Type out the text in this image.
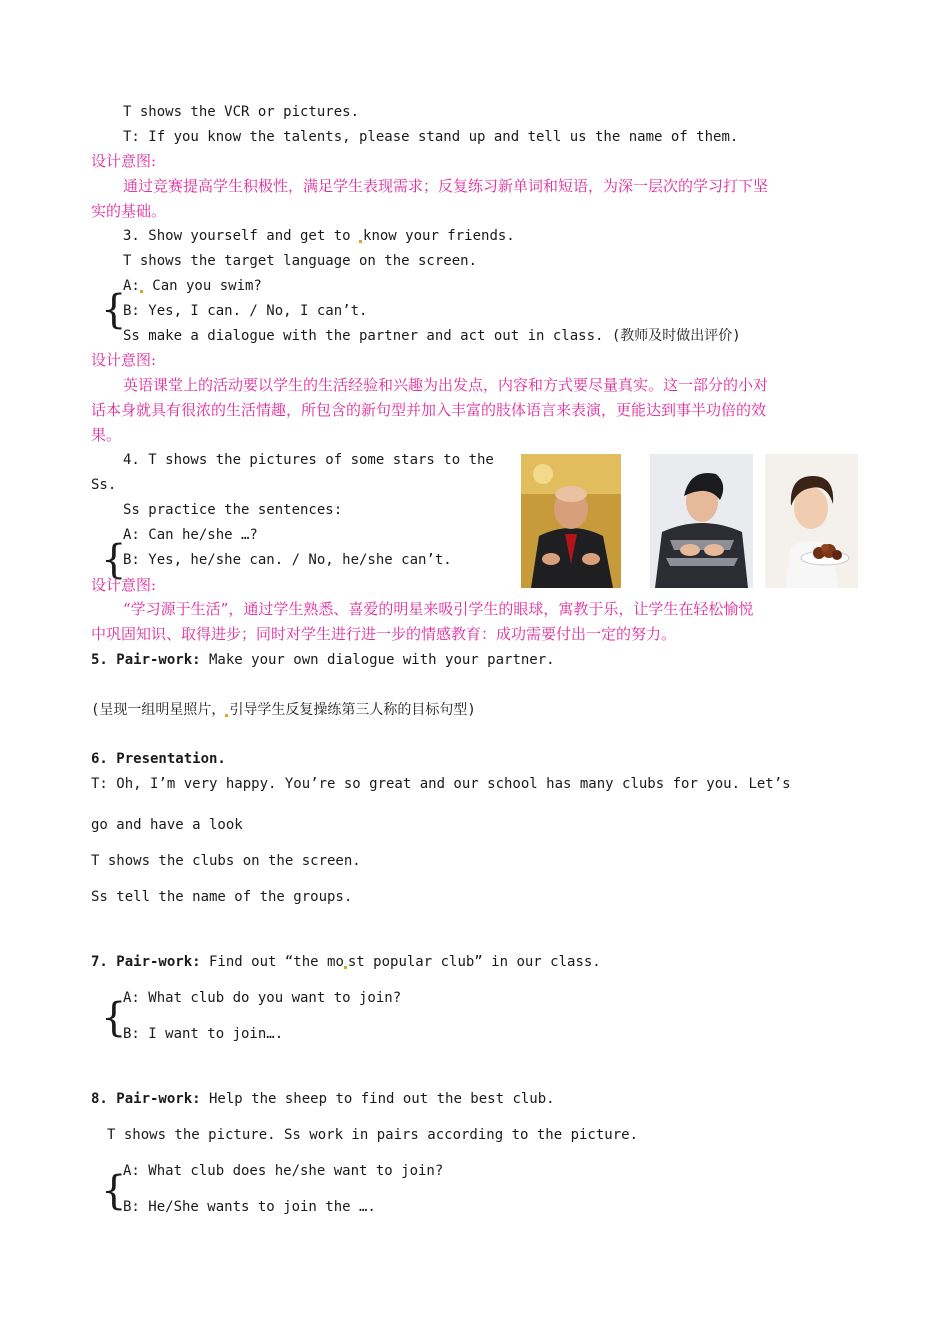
T shows the VCR or pictures.
T: If you know the talents, please stand up and tell us the name of them.
设计意图:
通过竞赛提高学生积极性，满足学生表现需求；反复练习新单词和短语，为深一层次的学习打下坚
实的基础。
3. Show yourself and get to know your friends.
T shows the target language on the screen.
{
A: Can you swim?
B: Yes, I can. / No, I can’t.
Ss make a dialogue with the partner and act out in class. (教师及时做出评价)
设计意图:
英语课堂上的活动要以学生的生活经验和兴趣为出发点，内容和方式要尽量真实。这一部分的小对
话本身就具有很浓的生活情趣，所包含的新句型并加入丰富的肢体语言来表演，更能达到事半功倍的效
果。
4. T shows the pictures of some stars to the
Ss.
Ss practice the sentences:
{
A: Can he/she …?
B: Yes, he/she can. / No, he/she can’t.
设计意图:
“学习源于生活”，通过学生熟悉、喜爱的明星来吸引学生的眼球，寓教于乐，让学生在轻松愉悦
中巩固知识、取得进步；同时对学生进行进一步的情感教育：成功需要付出一定的努力。
5. Pair-work: Make your own dialogue with your partner.
(呈现一组明星照片， 引导学生反复操练第三人称的目标句型)
6. Presentation.
T: Oh, I’m very happy. You’re so great and our school has many clubs for you. Let’s
go and have a look
T shows the clubs on the screen.
Ss tell the name of the groups.
7. Pair-work: Find out “the mo st popular club” in our class.
{
A: What club do you want to join?
B: I want to join….
8. Pair-work: Help the sheep to find out the best club.
T shows the picture. Ss work in pairs according to the picture.
{
A: What club does he/she want to join?
B: He/She wants to join the ….
